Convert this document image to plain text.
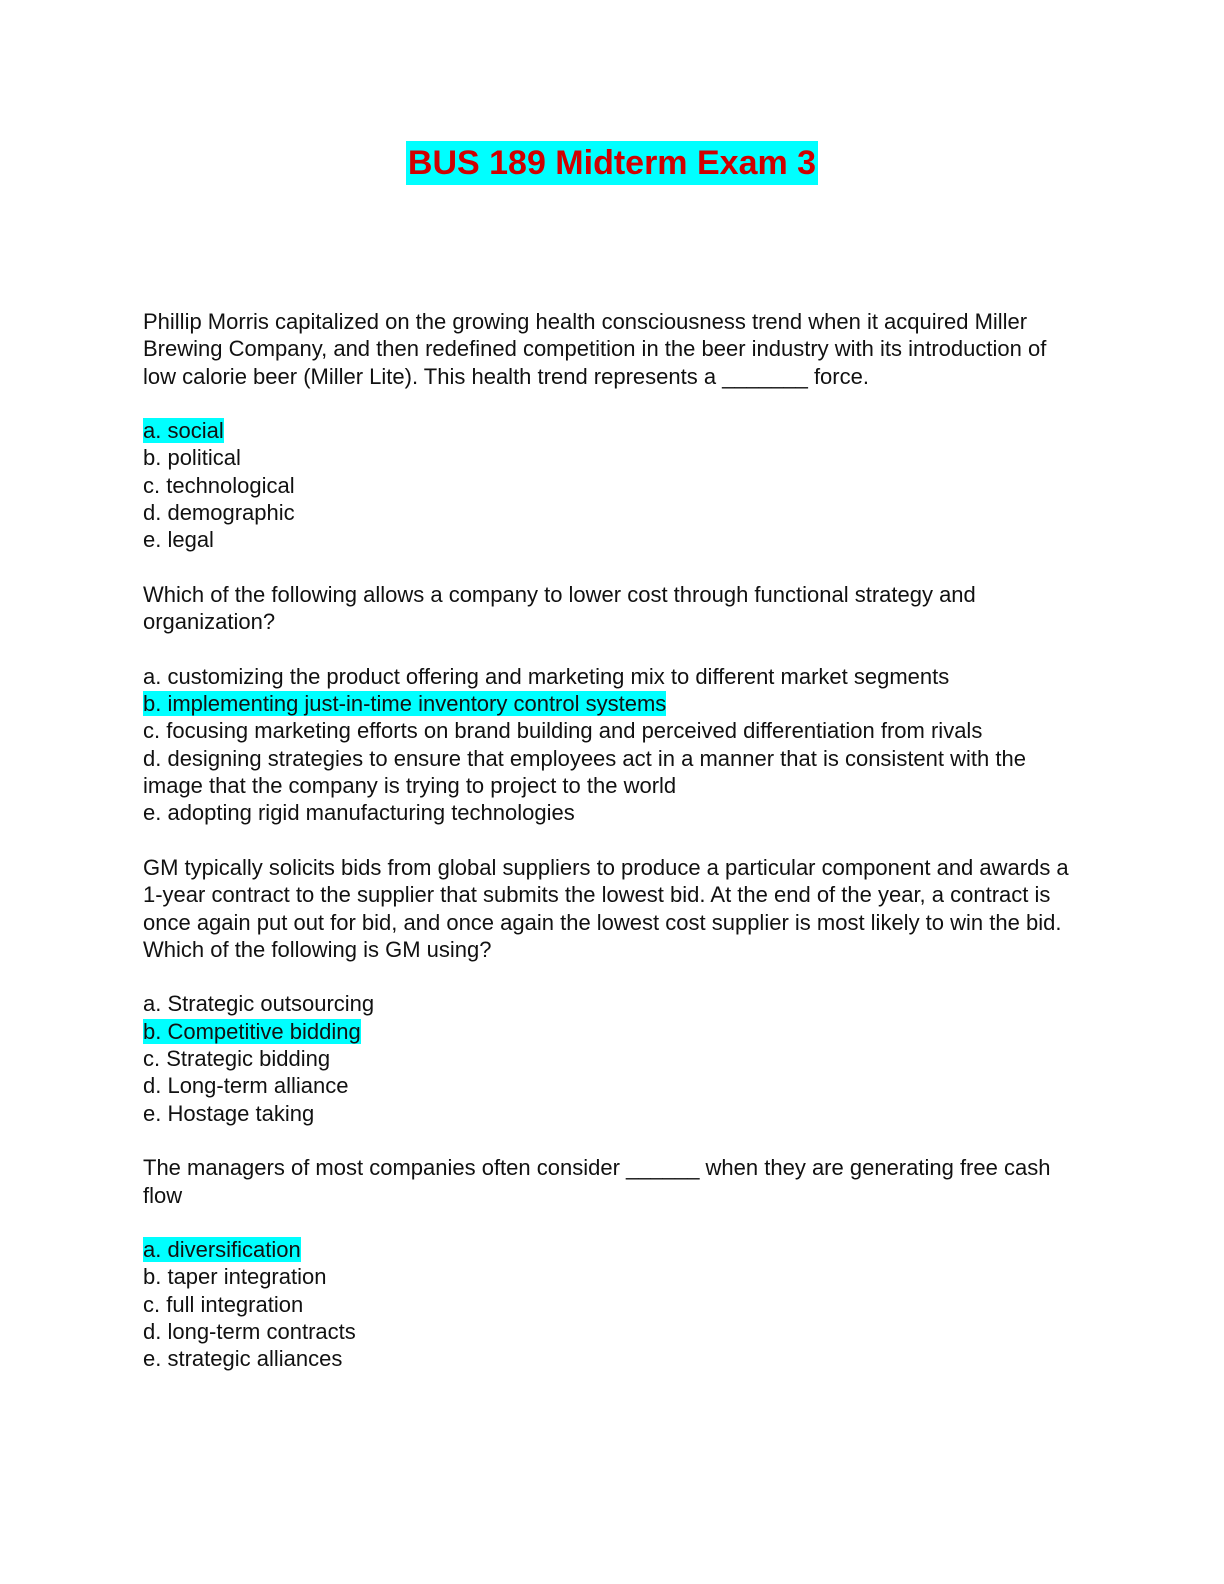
BUS 189 Midterm Exam 3

Phillip Morris capitalized on the growing health consciousness trend when it acquired Miller Brewing Company, and then redefined competition in the beer industry with its introduction of low calorie beer (Miller Lite). This health trend represents a _______ force.

a. social
b. political
c. technological
d. demographic
e. legal

Which of the following allows a company to lower cost through functional strategy and organization?

a. customizing the product offering and marketing mix to different market segments
b. implementing just-in-time inventory control systems
c. focusing marketing efforts on brand building and perceived differentiation from rivals
d. designing strategies to ensure that employees act in a manner that is consistent with the image that the company is trying to project to the world
e. adopting rigid manufacturing technologies

GM typically solicits bids from global suppliers to produce a particular component and awards a 1-year contract to the supplier that submits the lowest bid. At the end of the year, a contract is once again put out for bid, and once again the lowest cost supplier is most likely to win the bid. Which of the following is GM using?

a. Strategic outsourcing
b. Competitive bidding
c. Strategic bidding
d. Long-term alliance
e. Hostage taking

The managers of most companies often consider ______ when they are generating free cash flow

a. diversification
b. taper integration
c. full integration
d. long-term contracts
e. strategic alliances
